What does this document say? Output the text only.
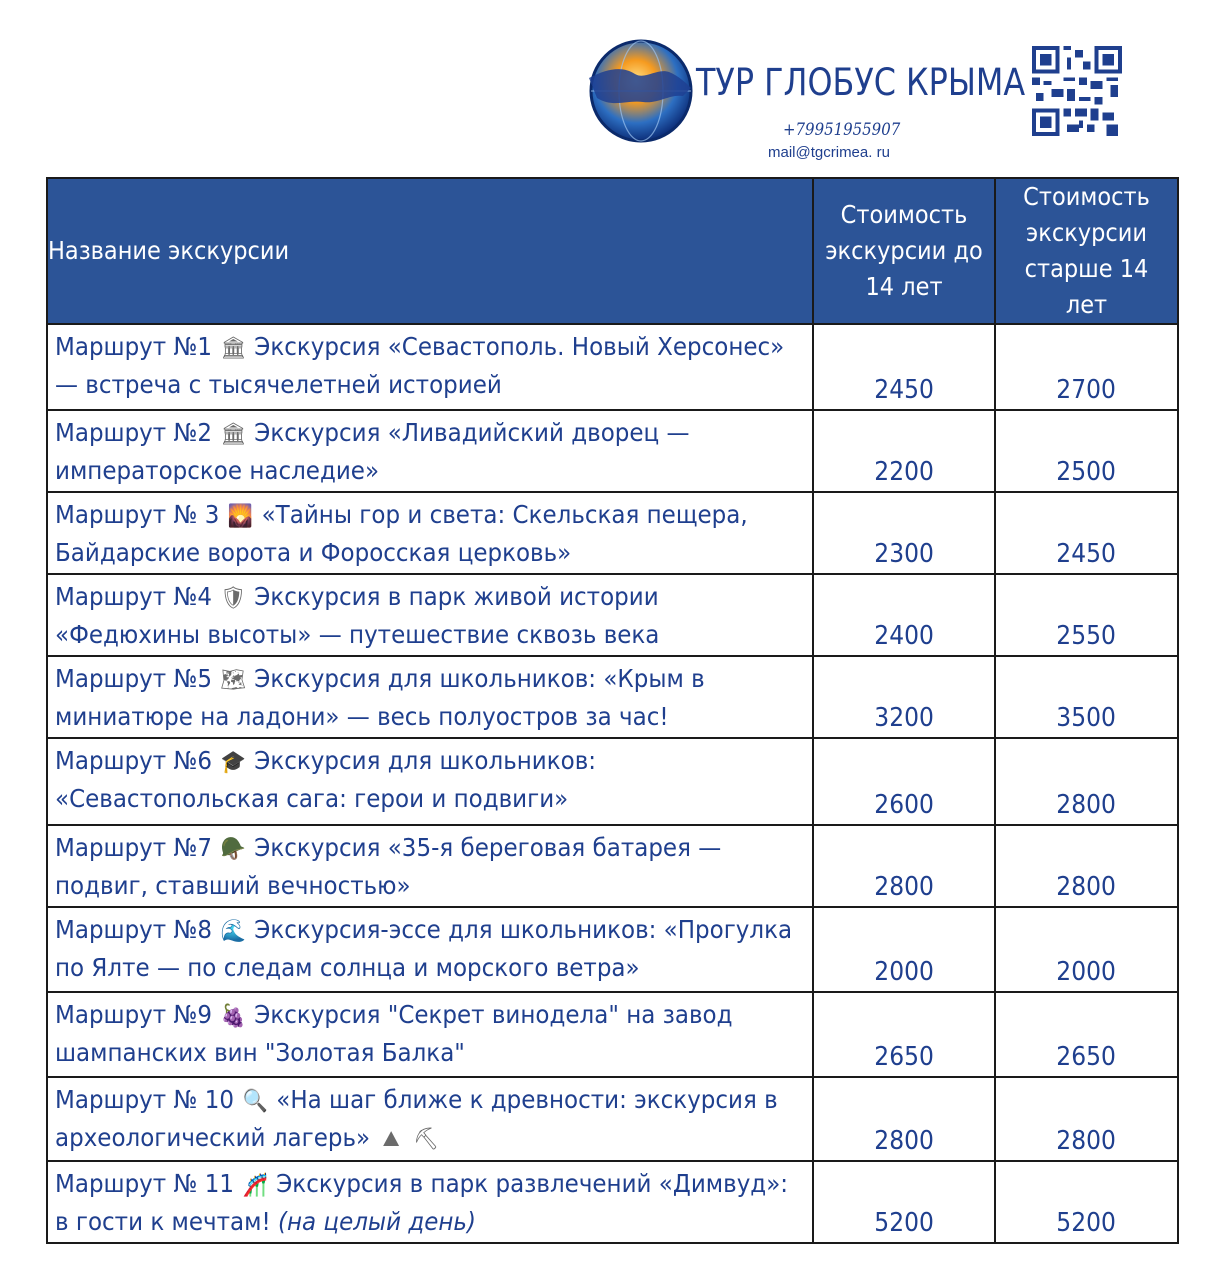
ТУР ГЛОБУС КРЫМА
+79951955907
mail@tgcrimea. ru
Название экскурсии	Стоимость экскурсии до 14 лет	Стоимость экскурсии старше 14 лет
Маршрут №1 🏛 Экскурсия «Севастополь. Новый Херсонес» — встреча с тысячелетней историей	2450	2700
Маршрут №2 🏛 Экскурсия «Ливадийский дворец — императорское наследие»	2200	2500
Маршрут № 3 🌄 «Тайны гор и света: Скельская пещера, Байдарские ворота и Форосская церковь»	2300	2450
Маршрут №4 🛡 Экскурсия в парк живой истории «Федюхины высоты» — путешествие сквозь века	2400	2550
Маршрут №5 🗺 Экскурсия для школьников: «Крым в миниатюре на ладони» — весь полуостров за час!	3200	3500
Маршрут №6 🎓 Экскурсия для школьников: «Севастопольская сага: герои и подвиги»	2600	2800
Маршрут №7 🪖 Экскурсия «35-я береговая батарея — подвиг, ставший вечностью»	2800	2800
Маршрут №8 🌊 Экскурсия-эссе для школьников: «Прогулка по Ялте — по следам солнца и морского ветра»	2000	2000
Маршрут №9 🍇 Экскурсия "Секрет винодела" на завод шампанских вин "Золотая Балка"	2650	2650
Маршрут № 10 🔍 «На шаг ближе к древности: экскурсия в археологический лагерь» ⛰ ⛏	2800	2800
Маршрут № 11 🎢 Экскурсия в парк развлечений «Димвуд»: в гости к мечтам! (на целый день)	5200	5200
